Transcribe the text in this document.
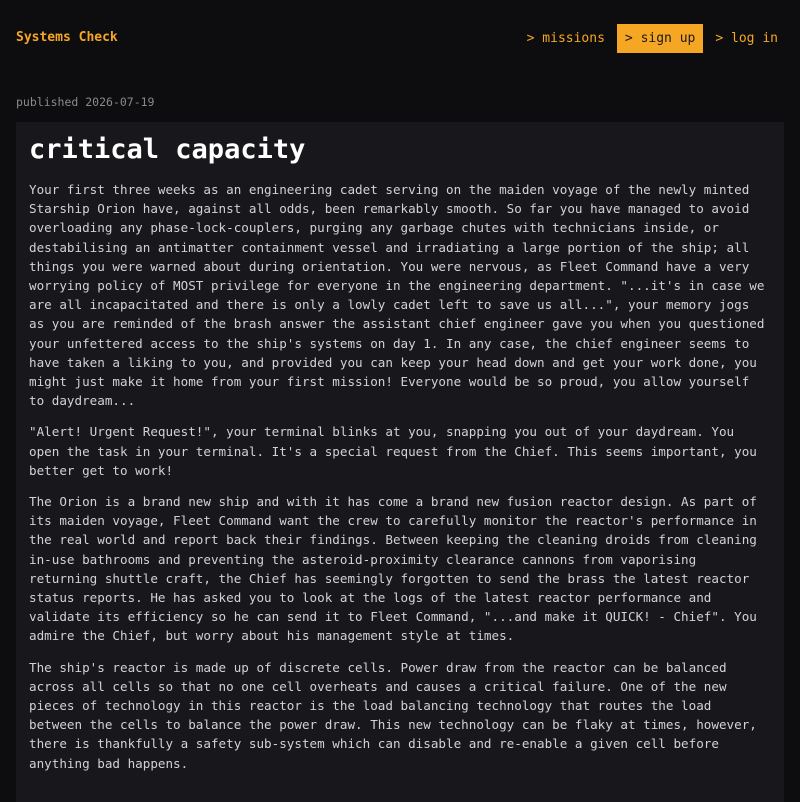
Systems Check	> missions	> sign up	> log in
published 2026-07-19
critical capacity

Your first three weeks as an engineering cadet serving on the maiden voyage of the newly minted Starship Orion have, against all odds, been remarkably smooth. So far you have managed to avoid overloading any phase-lock-couplers, purging any garbage chutes with technicians inside, or destabilising an antimatter containment vessel and irradiating a large portion of the ship; all things you were warned about during orientation. You were nervous, as Fleet Command have a very worrying policy of MOST privilege for everyone in the engineering department. "...it's in case we are all incapacitated and there is only a lowly cadet left to save us all...", your memory jogs as you are reminded of the brash answer the assistant chief engineer gave you when you questioned your unfettered access to the ship's systems on day 1. In any case, the chief engineer seems to have taken a liking to you, and provided you can keep your head down and get your work done, you might just make it home from your first mission! Everyone would be so proud, you allow yourself to daydream...

"Alert! Urgent Request!", your terminal blinks at you, snapping you out of your daydream. You open the task in your terminal. It's a special request from the Chief. This seems important, you better get to work!

The Orion is a brand new ship and with it has come a brand new fusion reactor design. As part of its maiden voyage, Fleet Command want the crew to carefully monitor the reactor's performance in the real world and report back their findings. Between keeping the cleaning droids from cleaning in-use bathrooms and preventing the asteroid-proximity clearance cannons from vaporising returning shuttle craft, the Chief has seemingly forgotten to send the brass the latest reactor status reports. He has asked you to look at the logs of the latest reactor performance and validate its efficiency so he can send it to Fleet Command, "...and make it QUICK! - Chief". You admire the Chief, but worry about his management style at times.

The ship's reactor is made up of discrete cells. Power draw from the reactor can be balanced across all cells so that no one cell overheats and causes a critical failure. One of the new pieces of technology in this reactor is the load balancing technology that routes the load between the cells to balance the power draw. This new technology can be flaky at times, however, there is thankfully a safety sub-system which can disable and re-enable a given cell before anything bad happens.
